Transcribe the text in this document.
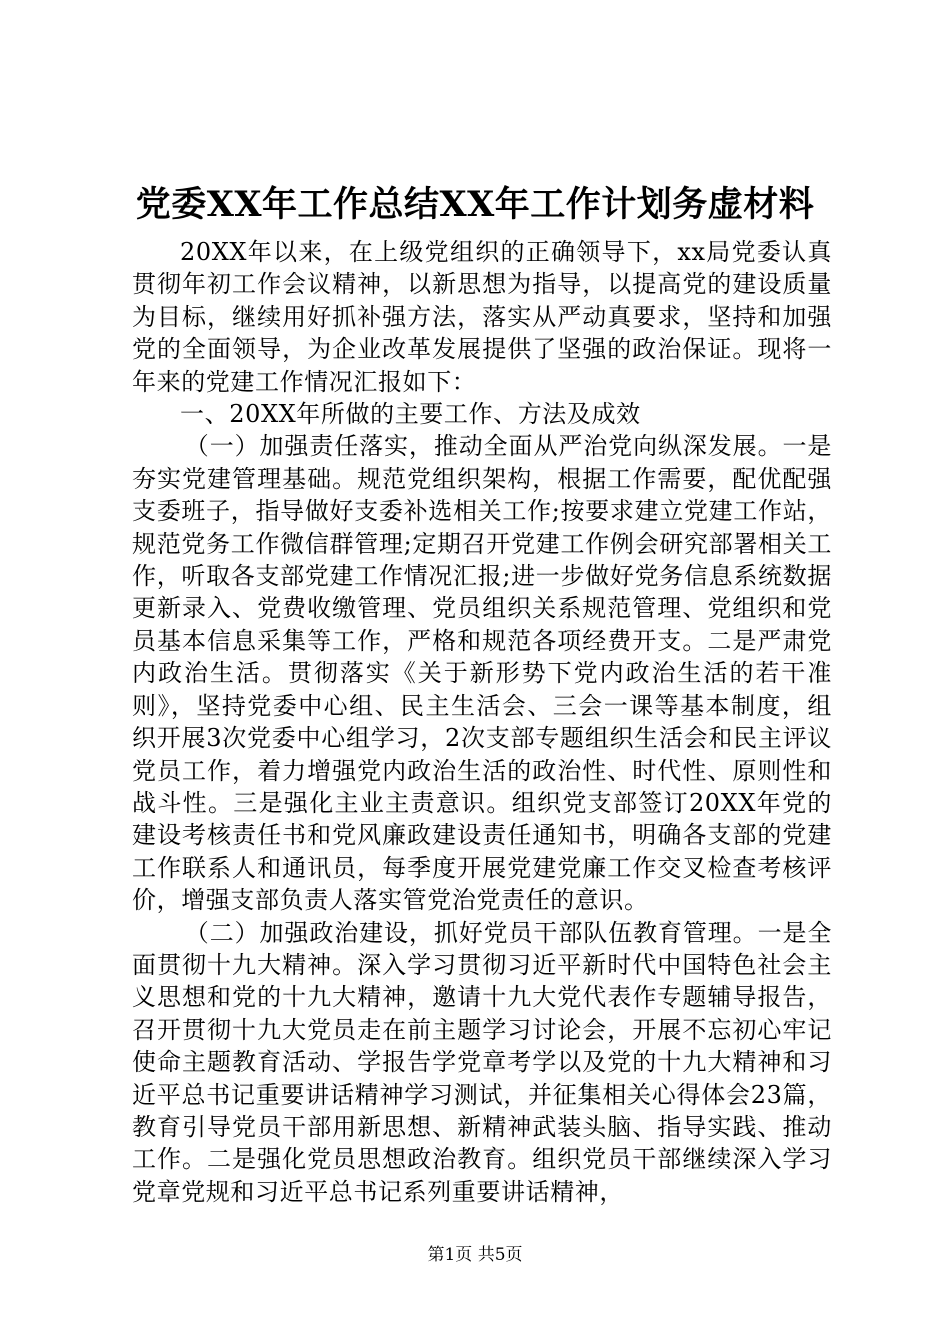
党委XX年工作总结XX年工作计划务虚材料

20XX年以来，在上级党组织的正确领导下，xx局党委认真贯彻年初工作会议精神，以新思想为指导，以提高党的建设质量为目标，继续用好抓补强方法，落实从严动真要求，坚持和加强党的全面领导，为企业改革发展提供了坚强的政治保证。现将一年来的党建工作情况汇报如下：

一、20XX年所做的主要工作、方法及成效

（一）加强责任落实，推动全面从严治党向纵深发展。一是夯实党建管理基础。规范党组织架构，根据工作需要，配优配强支委班子，指导做好支委补选相关工作;按要求建立党建工作站，规范党务工作微信群管理;定期召开党建工作例会研究部署相关工作，听取各支部党建工作情况汇报;进一步做好党务信息系统数据更新录入、党费收缴管理、党员组织关系规范管理、党组织和党员基本信息采集等工作，严格和规范各项经费开支。二是严肃党内政治生活。贯彻落实《关于新形势下党内政治生活的若干准则》，坚持党委中心组、民主生活会、三会一课等基本制度，组织开展3次党委中心组学习，2次支部专题组织生活会和民主评议党员工作，着力增强党内政治生活的政治性、时代性、原则性和战斗性。三是强化主业主责意识。组织党支部签订20XX年党的建设考核责任书和党风廉政建设责任通知书，明确各支部的党建工作联系人和通讯员，每季度开展党建党廉工作交叉检查考核评价，增强支部负责人落实管党治党责任的意识。

（二）加强政治建设，抓好党员干部队伍教育管理。一是全面贯彻十九大精神。深入学习贯彻习近平新时代中国特色社会主义思想和党的十九大精神，邀请十九大党代表作专题辅导报告，召开贯彻十九大党员走在前主题学习讨论会，开展不忘初心牢记使命主题教育活动、学报告学党章考学以及党的十九大精神和习近平总书记重要讲话精神学习测试，并征集相关心得体会23篇，教育引导党员干部用新思想、新精神武装头脑、指导实践、推动工作。二是强化党员思想政治教育。组织党员干部继续深入学习党章党规和习近平总书记系列重要讲话精神，

第1页 共5页
